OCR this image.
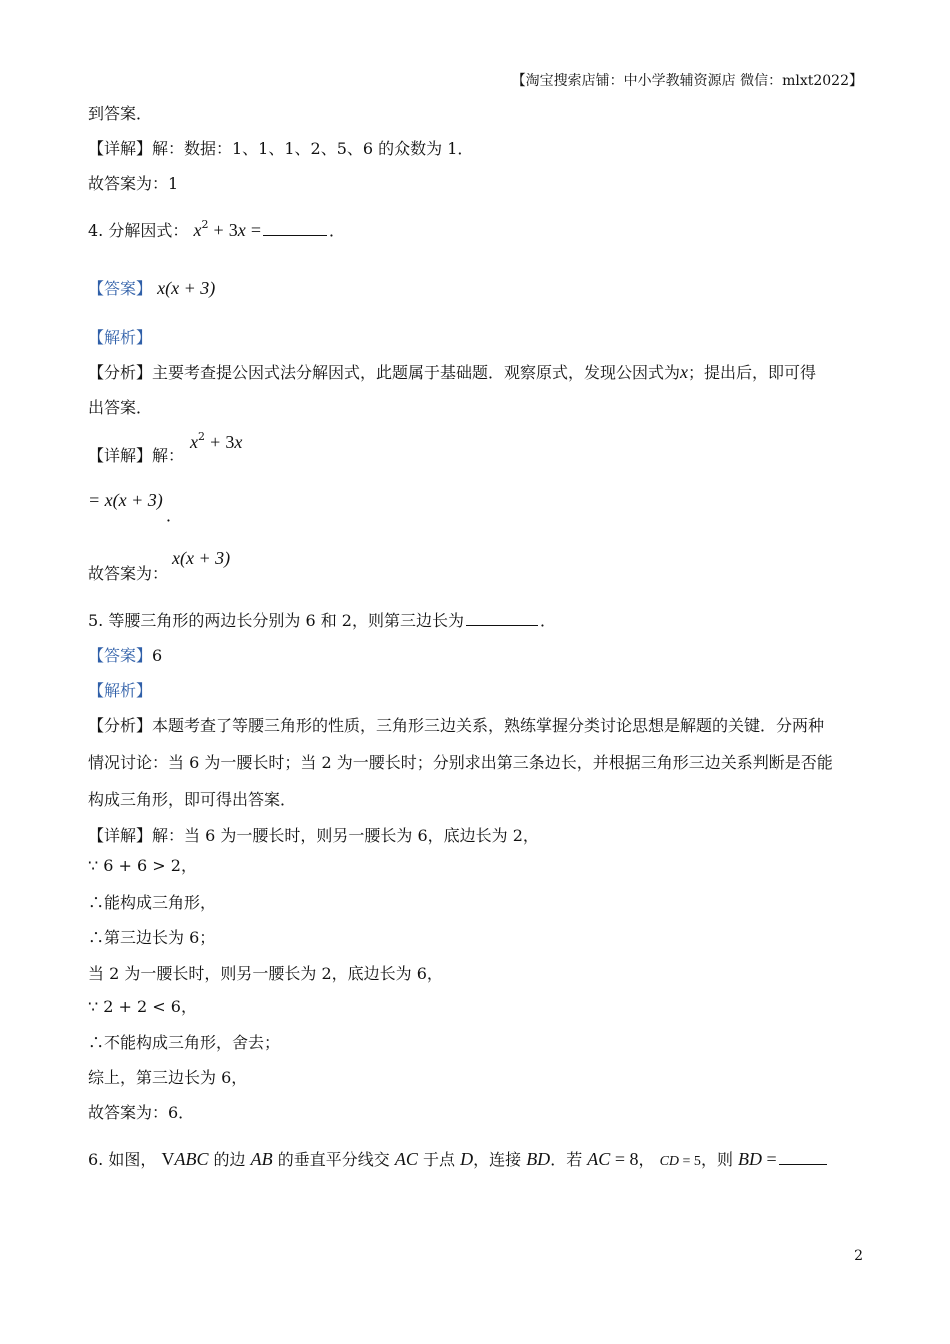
【淘宝搜索店铺：中小学教辅资源店 微信：mlxt2022】
到答案．
【详解】解：数据：1、1、1、2、5、6 的众数为 1．
故答案为：1
4. 分解因式： $x^2 + 3x$ =	．
【答案】 x(x + 3)
【解析】
【分析】主要考查提公因式法分解因式，此题属于基础题．观察原式，发现公因式为x；提出后，即可得
出答案．
$x^2 + 3x$
【详解】解：
= x(x + 3)
．
x(x + 3)
故答案为：
5. 等腰三角形的两边长分别为 6 和 2，则第三边长为	．
【答案】6
【解析】
【分析】本题考查了等腰三角形的性质，三角形三边关系，熟练掌握分类讨论思想是解题的关键．分两种
情况讨论：当 6 为一腰长时；当 2 为一腰长时；分别求出第三条边长，并根据三角形三边关系判断是否能
构成三角形，即可得出答案．
【详解】解：当 6 为一腰长时，则另一腰长为 6，底边长为 2，
∵ 6 + 6 > 2，
∴能构成三角形，
∴第三边长为 6；
当 2 为一腰长时，则另一腰长为 2，底边长为 6，
∵ 2 + 2 < 6，
∴不能构成三角形，舍去；
综上，第三边长为 6，
故答案为：6．
6. 如图， VABC 的边 AB 的垂直平分线交 AC 于点 D，连接 BD．若 AC = 8， CD = 5，则 BD =
2
